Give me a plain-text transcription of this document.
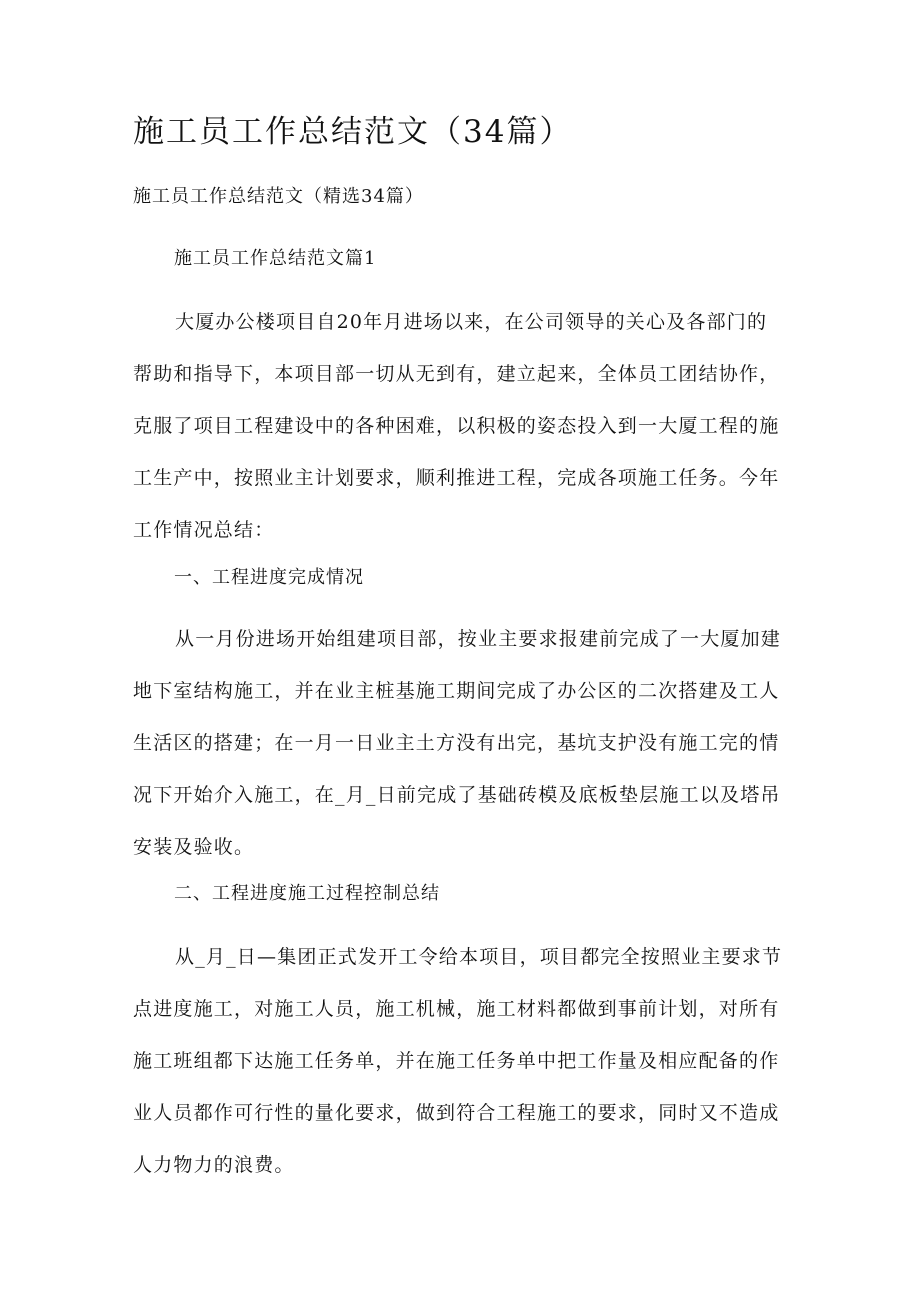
施工员工作总结范文（34篇）

施工员工作总结范文（精选34篇）

施工员工作总结范文篇1

大厦办公楼项目自20年月进场以来，在公司领导的关心及各部门的
帮助和指导下，本项目部一切从无到有，建立起来，全体员工团结协作，
克服了项目工程建设中的各种困难，以积极的姿态投入到一大厦工程的施
工生产中，按照业主计划要求，顺利推进工程，完成各项施工任务。今年
工作情况总结：

一、工程进度完成情况

从一月份进场开始组建项目部，按业主要求报建前完成了一大厦加建
地下室结构施工，并在业主桩基施工期间完成了办公区的二次搭建及工人
生活区的搭建；在一月一日业主土方没有出完，基坑支护没有施工完的情
况下开始介入施工，在_月_日前完成了基础砖模及底板垫层施工以及塔吊
安装及验收。

二、工程进度施工过程控制总结

从_月_日—集团正式发开工令给本项目，项目都完全按照业主要求节
点进度施工，对施工人员，施工机械，施工材料都做到事前计划，对所有
施工班组都下达施工任务单，并在施工任务单中把工作量及相应配备的作
业人员都作可行性的量化要求，做到符合工程施工的要求，同时又不造成
人力物力的浪费。
